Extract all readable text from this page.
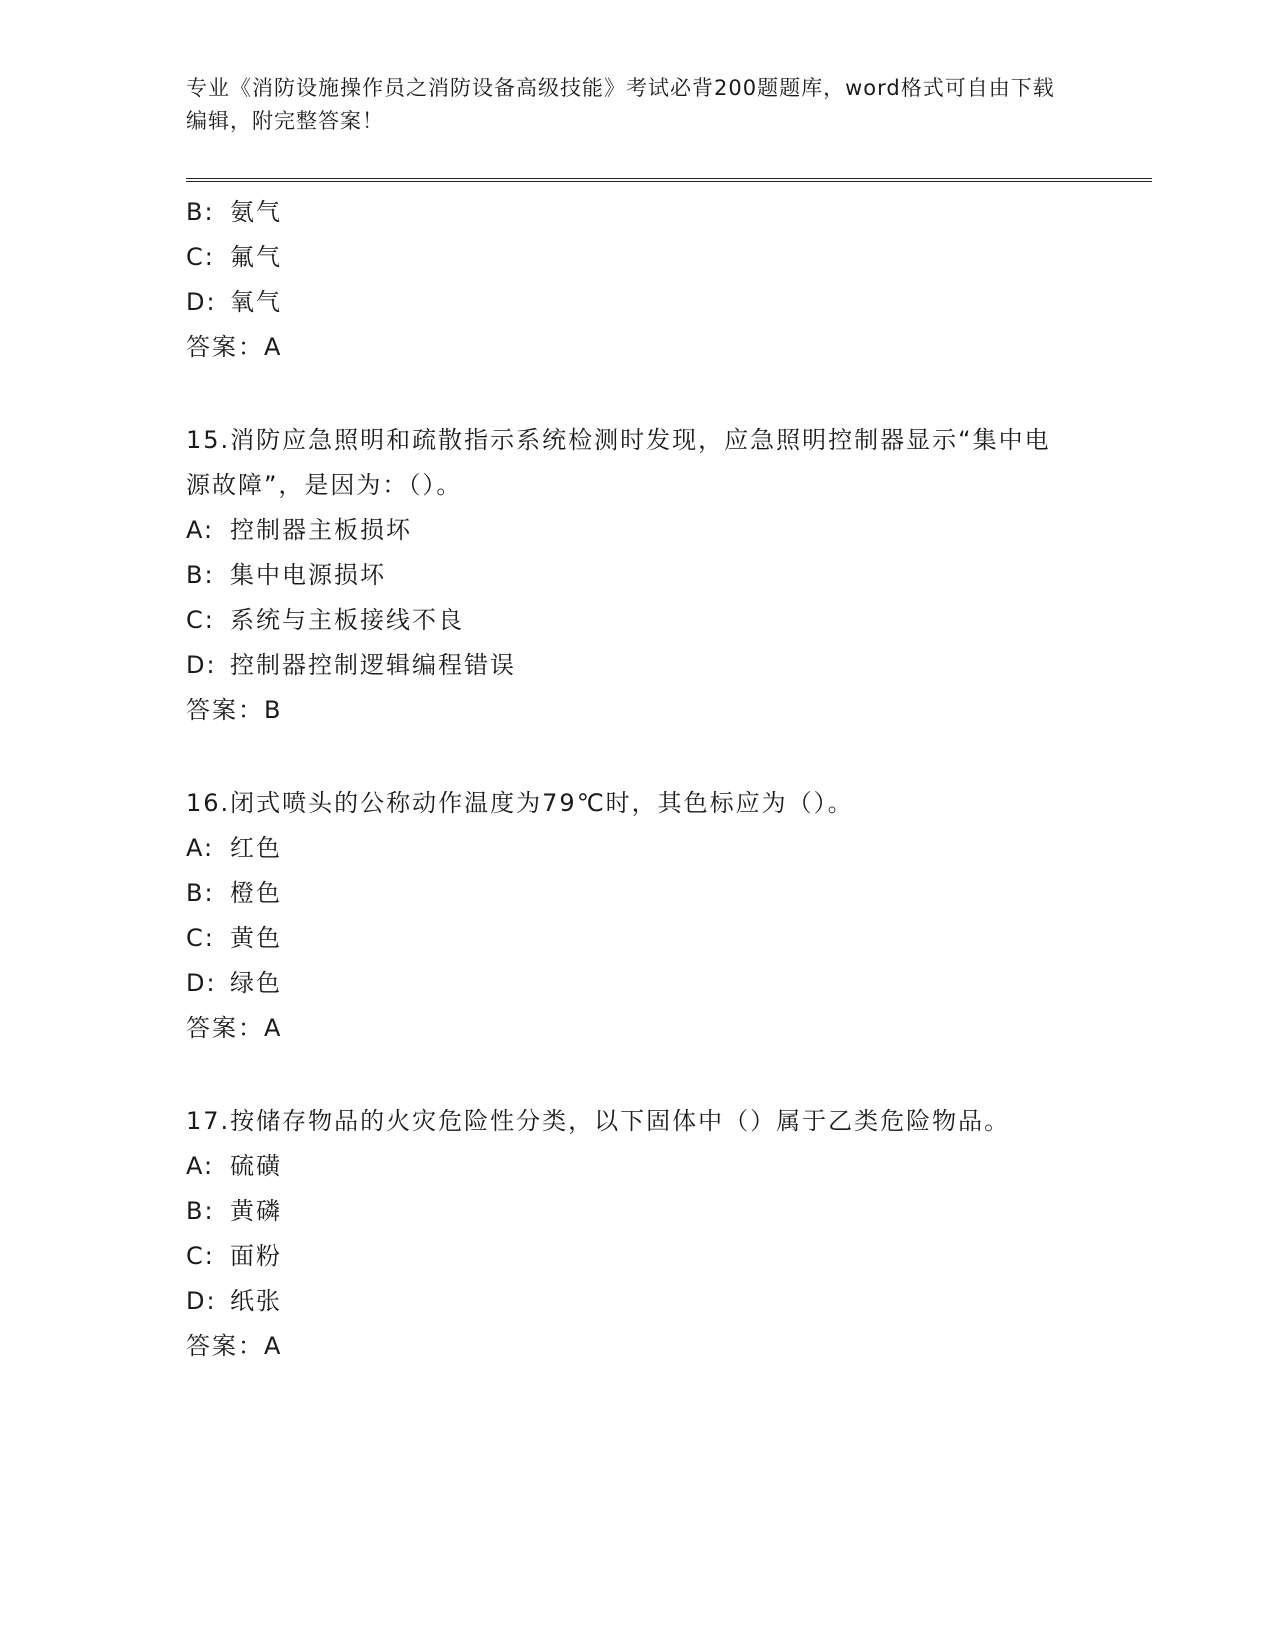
专业《消防设施操作员之消防设备高级技能》考试必背200题题库，word格式可自由下载编辑，附完整答案！
B: 氨气
C: 氟气
D: 氧气
答案：A
15.消防应急照明和疏散指示系统检测时发现，应急照明控制器显示“集中电源故障”，是因为：（）。
A: 控制器主板损坏
B: 集中电源损坏
C: 系统与主板接线不良
D: 控制器控制逻辑编程错误
答案：B
16.闭式喷头的公称动作温度为79℃时，其色标应为（）。
A: 红色
B: 橙色
C: 黄色
D: 绿色
答案：A
17.按储存物品的火灾危险性分类，以下固体中（）属于乙类危险物品。
A: 硫磺
B: 黄磷
C: 面粉
D: 纸张
答案：A
